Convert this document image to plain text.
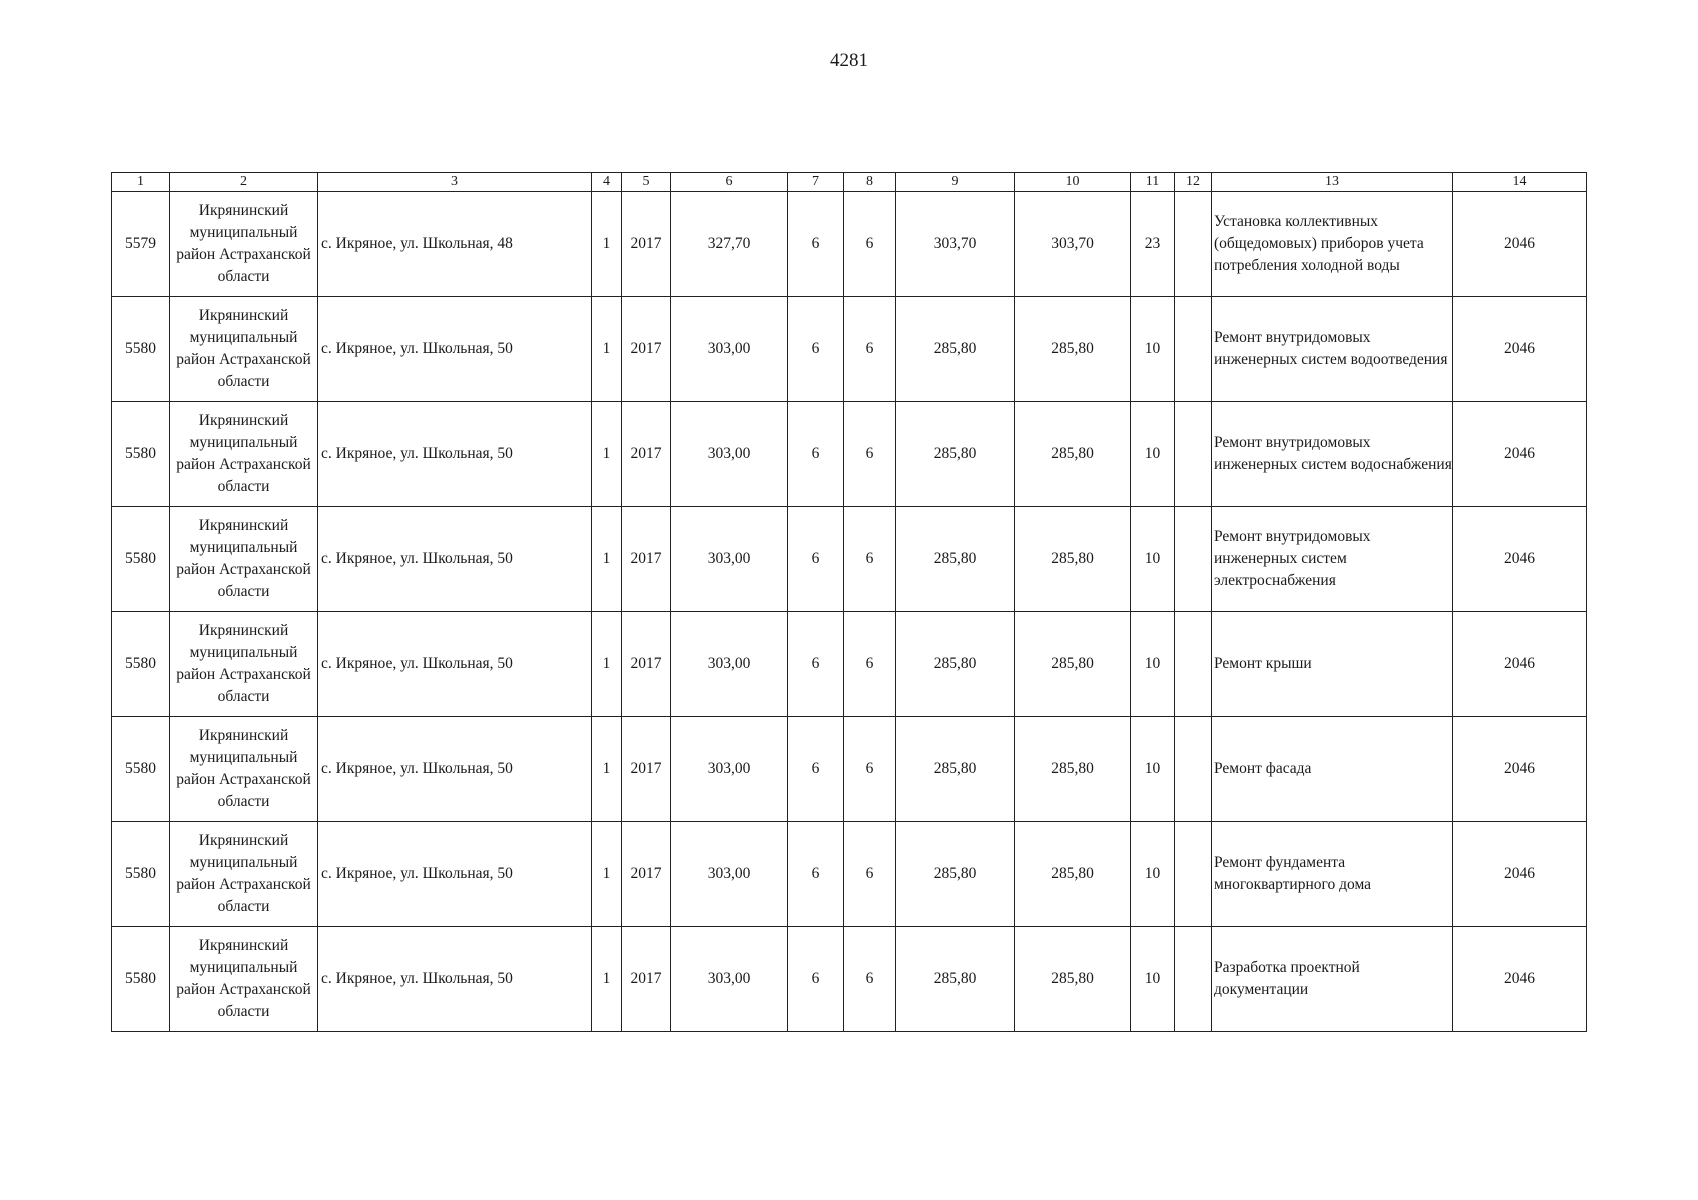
4281
1	2	3	4	5	6	7	8	9	10	11	12	13	14
5579	Икрянинский муниципальный район Астраханской области	с. Икряное, ул. Школьная, 48	1	2017	327,70	6	6	303,70	303,70	23		Установка коллективных (общедомовых) приборов учета потребления холодной воды	2046
5580	Икрянинский муниципальный район Астраханской области	с. Икряное, ул. Школьная, 50	1	2017	303,00	6	6	285,80	285,80	10		Ремонт внутридомовых инженерных систем водоотведения	2046
5580	Икрянинский муниципальный район Астраханской области	с. Икряное, ул. Школьная, 50	1	2017	303,00	6	6	285,80	285,80	10		Ремонт внутридомовых инженерных систем водоснабжения	2046
5580	Икрянинский муниципальный район Астраханской области	с. Икряное, ул. Школьная, 50	1	2017	303,00	6	6	285,80	285,80	10		Ремонт внутридомовых инженерных систем электроснабжения	2046
5580	Икрянинский муниципальный район Астраханской области	с. Икряное, ул. Школьная, 50	1	2017	303,00	6	6	285,80	285,80	10		Ремонт крыши	2046
5580	Икрянинский муниципальный район Астраханской области	с. Икряное, ул. Школьная, 50	1	2017	303,00	6	6	285,80	285,80	10		Ремонт фасада	2046
5580	Икрянинский муниципальный район Астраханской области	с. Икряное, ул. Школьная, 50	1	2017	303,00	6	6	285,80	285,80	10		Ремонт фундамента многоквартирного дома	2046
5580	Икрянинский муниципальный район Астраханской области	с. Икряное, ул. Школьная, 50	1	2017	303,00	6	6	285,80	285,80	10		Разработка проектной документации	2046
